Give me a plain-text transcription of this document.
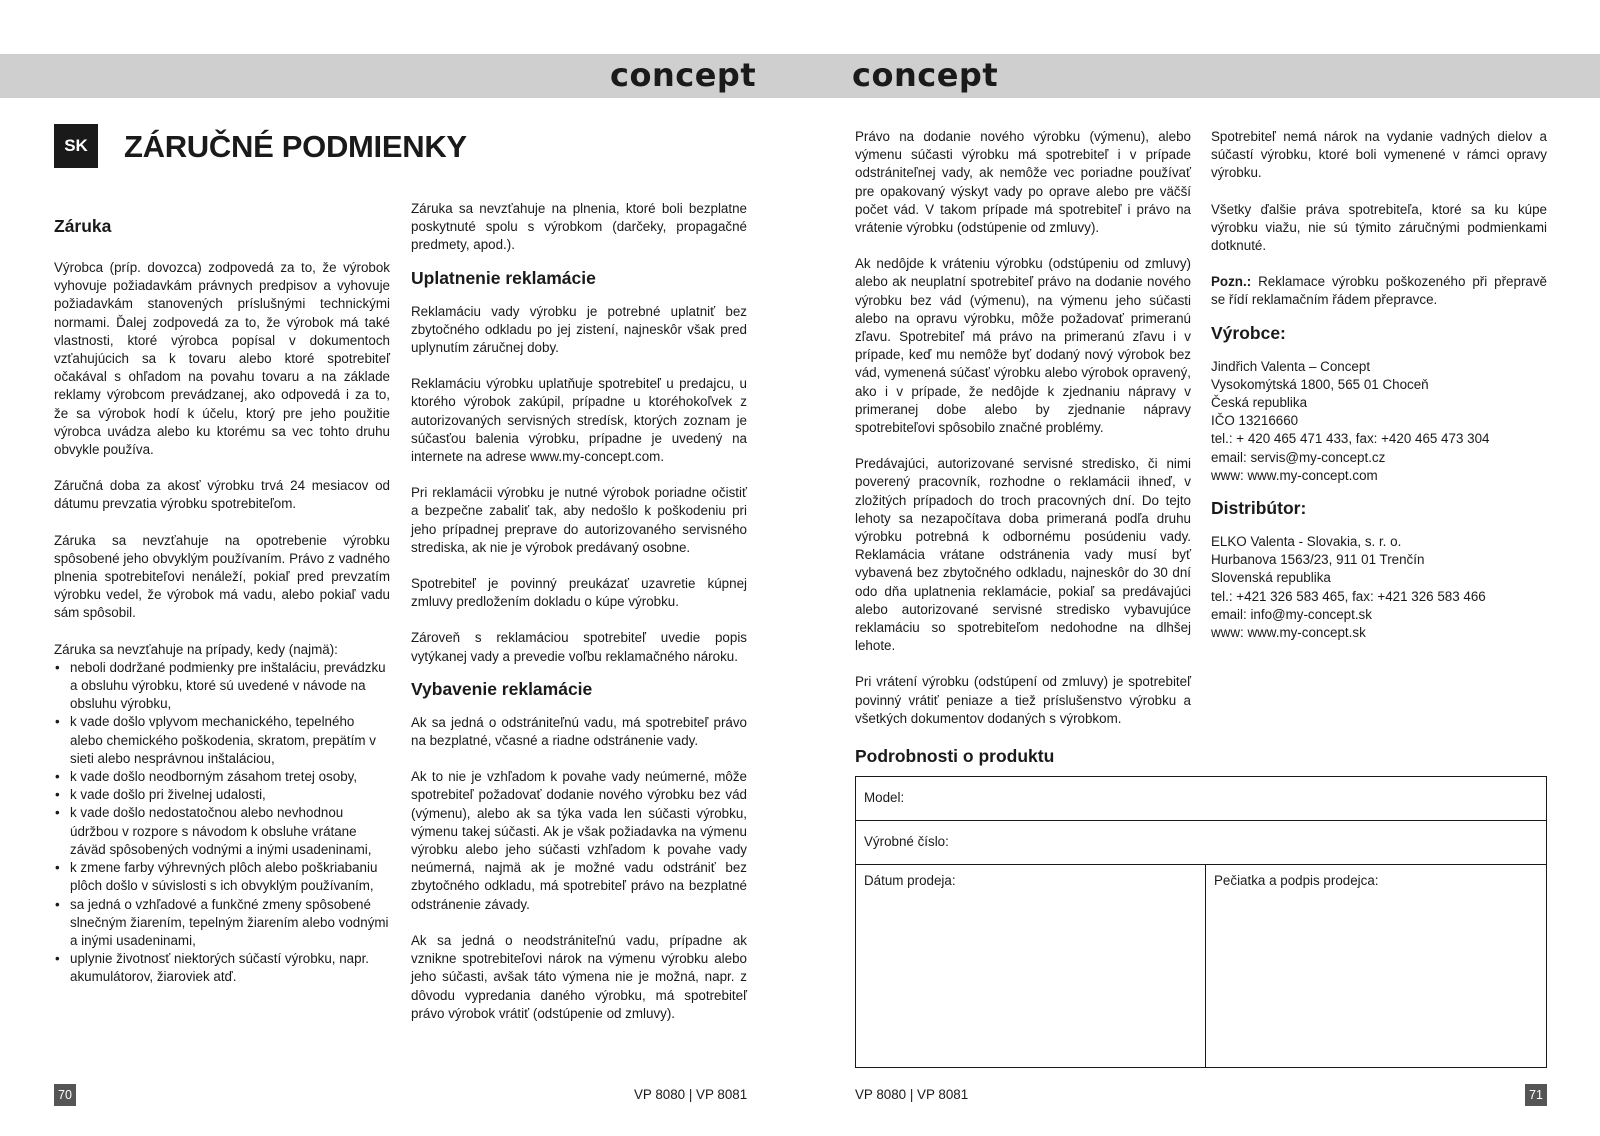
concept	concept
SK	ZÁRUČNÉ PODMIENKY
Záruka

Výrobca (príp. dovozca) zodpovedá za to, že výrobok vyhovuje požiadavkám právnych predpisov a vyhovuje požiadavkám stanovených príslušnými technickými normami. Ďalej zodpovedá za to, že výrobok má také vlastnosti, ktoré výrobca popísal v dokumentoch vzťahujúcich sa k tovaru alebo ktoré spotrebiteľ očakával s ohľadom na povahu tovaru a na základe reklamy výrobcom prevádzanej, ako odpovedá i za to, že sa výrobok hodí k účelu, ktorý pre jeho použitie výrobca uvádza alebo ku ktorému sa vec tohto druhu obvykle používa.

Záručná doba za akosť výrobku trvá 24 mesiacov od dátumu prevzatia výrobku spotrebiteľom.

Záruka sa nevzťahuje na opotrebenie výrobku spôsobené jeho obvyklým používaním. Právo z vadného plnenia spotrebiteľovi nenáleží, pokiaľ pred prevzatím výrobku vedel, že výrobok má vadu, alebo pokiaľ vadu sám spôsobil.

Záruka sa nevzťahuje na prípady, kedy (najmä):

• neboli dodržané podmienky pre inštaláciu, prevádzku a obsluhu výrobku, ktoré sú uvedené v návode na obsluhu výrobku,
• k vade došlo vplyvom mechanického, tepelného alebo chemického poškodenia, skratom, prepätím v sieti alebo nesprávnou inštaláciou,
• k vade došlo neodborným zásahom tretej osoby,
• k vade došlo pri živelnej udalosti,
• k vade došlo nedostatočnou alebo nevhodnou údržbou v rozpore s návodom k obsluhe vrátane záväd spôsobených vodnými a inými usadeninami,
• k zmene farby výhrevných plôch alebo poškriabaniu plôch došlo v súvislosti s ich obvyklým používaním,
• sa jedná o vzhľadové a funkčné zmeny spôsobené slnečným žiarením, tepelným žiarením alebo vodnými a inými usadeninami,
• uplynie životnosť niektorých súčastí výrobku, napr. akumulátorov, žiaroviek atď.

Záruka sa nevzťahuje na plnenia, ktoré boli bezplatne poskytnuté spolu s výrobkom (darčeky, propagačné predmety, apod.).

Uplatnenie reklamácie

Reklamáciu vady výrobku je potrebné uplatniť bez zbytočného odkladu po jej zistení, najneskôr však pred uplynutím záručnej doby.

Reklamáciu výrobku uplatňuje spotrebiteľ u predajcu, u ktorého výrobok zakúpil, prípadne u ktoréhokoľvek z autorizovaných servisných stredísk, ktorých zoznam je súčasťou balenia výrobku, prípadne je uvedený na internete na adrese www.my-concept.com.

Pri reklamácii výrobku je nutné výrobok poriadne očistiť a bezpečne zabaliť tak, aby nedošlo k poškodeniu pri jeho prípadnej preprave do autorizovaného servisného strediska, ak nie je výrobok predávaný osobne.

Spotrebiteľ je povinný preukázať uzavretie kúpnej zmluvy predložením dokladu o kúpe výrobku.

Zároveň s reklamáciou spotrebiteľ uvedie popis vytýkanej vady a prevedie voľbu reklamačného nároku.

Vybavenie reklamácie

Ak sa jedná o odstrániteľnú vadu, má spotrebiteľ právo na bezplatné, včasné a riadne odstránenie vady.

Ak to nie je vzhľadom k povahe vady neúmerné, môže spotrebiteľ požadovať dodanie nového výrobku bez vád (výmenu), alebo ak sa týka vada len súčasti výrobku, výmenu takej súčasti. Ak je však požiadavka na výmenu výrobku alebo jeho súčasti vzhľadom k povahe vady neúmerná, najmä ak je možné vadu odstrániť bez zbytočného odkladu, má spotrebiteľ právo na bezplatné odstránenie závady.

Ak sa jedná o neodstrániteľnú vadu, prípadne ak vznikne spotrebiteľovi nárok na výmenu výrobku alebo jeho súčasti, avšak táto výmena nie je možná, napr. z dôvodu vypredania daného výrobku, má spotrebiteľ právo výrobok vrátiť (odstúpenie od zmluvy).

Právo na dodanie nového výrobku (výmenu), alebo výmenu súčasti výrobku má spotrebiteľ i v prípade odstrániteľnej vady, ak nemôže vec poriadne používať pre opakovaný výskyt vady po oprave alebo pre väčší počet vád. V takom prípade má spotrebiteľ i právo na vrátenie výrobku (odstúpenie od zmluvy).

Ak nedôjde k vráteniu výrobku (odstúpeniu od zmluvy) alebo ak neuplatní spotrebiteľ právo na dodanie nového výrobku bez vád (výmenu), na výmenu jeho súčasti alebo na opravu výrobku, môže požadovať primeranú zľavu. Spotrebiteľ má právo na primeranú zľavu i v prípade, keď mu nemôže byť dodaný nový výrobok bez vád, vymenená súčasť výrobku alebo výrobok opravený, ako i v prípade, že nedôjde k zjednaniu nápravy v primeranej dobe alebo by zjednanie nápravy spotrebiteľovi spôsobilo značné problémy.

Predávajúci, autorizované servisné stredisko, či nimi poverený pracovník, rozhodne o reklamácii ihneď, v zložitých prípadoch do troch pracovných dní. Do tejto lehoty sa nezapočítava doba primeraná podľa druhu výrobku potrebná k odbornému posúdeniu vady. Reklamácia vrátane odstránenia vady musí byť vybavená bez zbytočného odkladu, najneskôr do 30 dní odo dňa uplatnenia reklamácie, pokiaľ sa predávajúci alebo autorizované servisné stredisko vybavujúce reklamáciu so spotrebiteľom nedohodne na dlhšej lehote.

Pri vrátení výrobku (odstúpení od zmluvy) je spotrebiteľ povinný vrátiť peniaze a tiež príslušenstvo výrobku a všetkých dokumentov dodaných s výrobkom.

Spotrebiteľ nemá nárok na vydanie vadných dielov a súčastí výrobku, ktoré boli vymenené v rámci opravy výrobku.

Všetky ďalšie práva spotrebiteľa, ktoré sa ku kúpe výrobku viažu, nie sú týmito záručnými podmienkami dotknuté.

Pozn.: Reklamace výrobku poškozeného při přepravě se řídí reklamačním řádem přepravce.

Výrobce:
Jindřich Valenta – Concept
Vysokomýtská 1800, 565 01 Choceň
Česká republika
IČO 13216660
tel.: + 420 465 471 433, fax: +420 465 473 304
email: servis@my-concept.cz
www: www.my-concept.com
Distribútor:
ELKO Valenta - Slovakia, s. r. o.
Hurbanova 1563/23, 911 01 Trenčín
Slovenská republika
tel.: +421 326 583 465, fax: +421 326 583 466
email: info@my-concept.sk
www: www.my-concept.sk
Podrobnosti o produktu
Model:
Výrobné číslo:
Dátum prodeja:	Pečiatka a podpis prodejca:
70	VP 8080 | VP 8081	VP 8080 | VP 8081	71
